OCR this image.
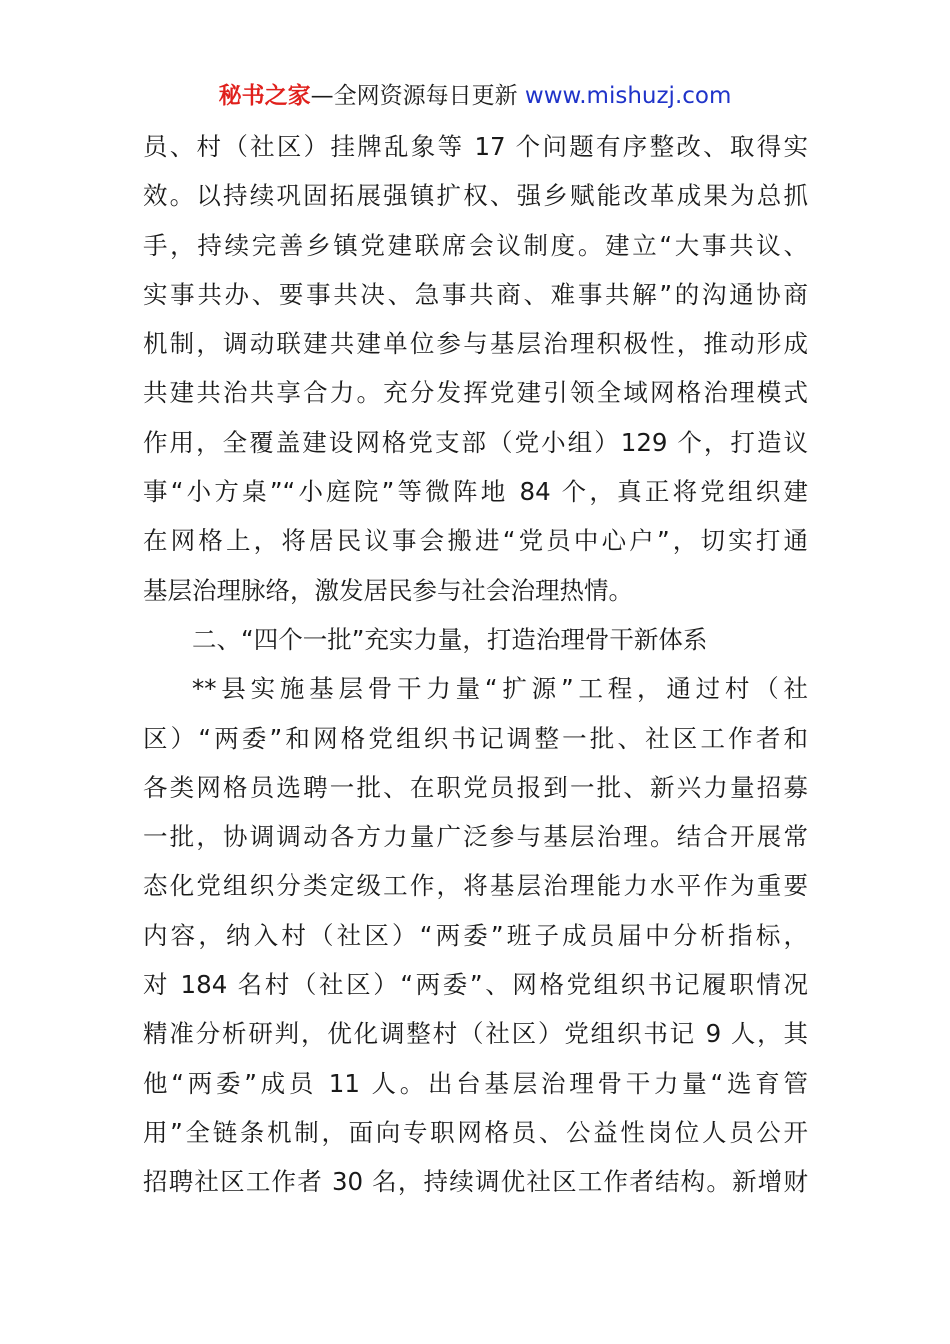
秘书之家—全网资源每日更新 www.mishuzj.com
员、村（社区）挂牌乱象等 17 个问题有序整改、取得实
效。以持续巩固拓展强镇扩权、强乡赋能改革成果为总抓
手，持续完善乡镇党建联席会议制度。建立“大事共议、
实事共办、要事共决、急事共商、难事共解”的沟通协商
机制，调动联建共建单位参与基层治理积极性，推动形成
共建共治共享合力。充分发挥党建引领全域网格治理模式
作用，全覆盖建设网格党支部（党小组）129 个，打造议
事“小方桌”“小庭院”等微阵地 84 个，真正将党组织建
在网格上，将居民议事会搬进“党员中心户”，切实打通
基层治理脉络，激发居民参与社会治理热情。
二、“四个一批”充实力量，打造治理骨干新体系
**县实施基层骨干力量“扩源”工程，通过村（社
区）“两委”和网格党组织书记调整一批、社区工作者和
各类网格员选聘一批、在职党员报到一批、新兴力量招募
一批，协调调动各方力量广泛参与基层治理。结合开展常
态化党组织分类定级工作，将基层治理能力水平作为重要
内容，纳入村（社区）“两委”班子成员届中分析指标，
对 184 名村（社区）“两委”、网格党组织书记履职情况
精准分析研判，优化调整村（社区）党组织书记 9 人，其
他“两委”成员 11 人。出台基层治理骨干力量“选育管
用”全链条机制，面向专职网格员、公益性岗位人员公开
招聘社区工作者 30 名，持续调优社区工作者结构。新增财
